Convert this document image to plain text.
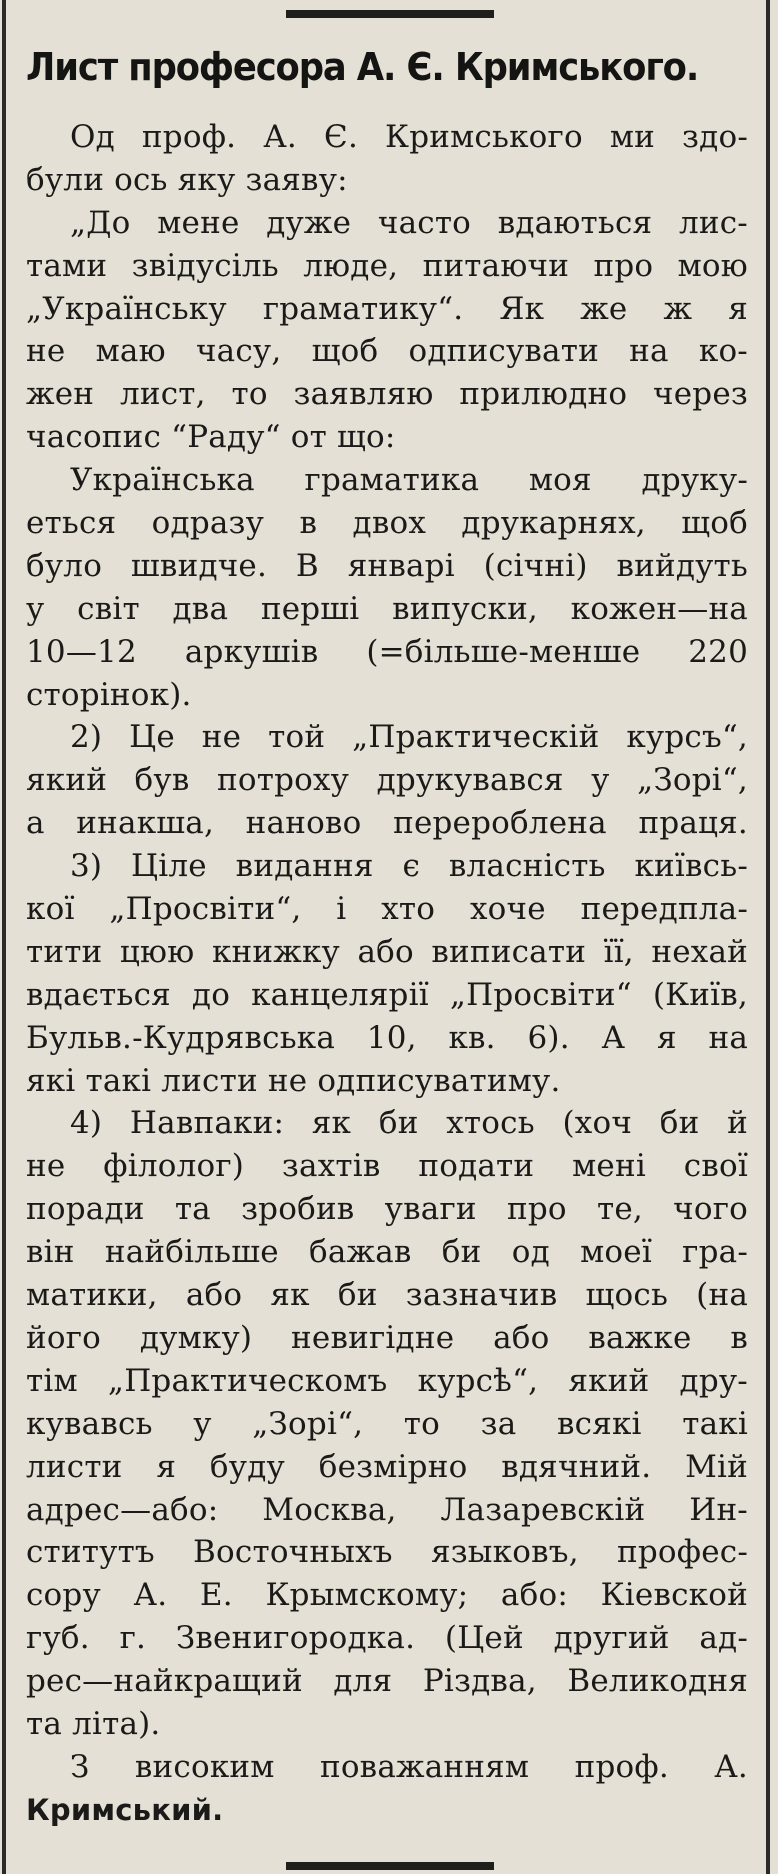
Лист професора А. Є. Кримського.
Од проф. А. Є. Кримського ми здо-
були ось яку заяву:
„До мене дуже часто вдаються лис-
тами звідусіль люде, питаючи про мою
„Українську граматику“. Як же ж я
не маю часу, щоб одписувати на ко-
жен лист, то заявляю прилюдно через
часопис “Раду“ от що:
Українська граматика моя друку-
еться одразу в двох друкарнях, щоб
було швидче. В январі (січні) вийдуть
у світ два перші випуски, кожен—на
10—12 аркушів (=більше-менше 220
сторінок).
2) Це не той „Практическій курсъ“,
який був потроху друкувався у „Зорі“,
а инакша, наново перероблена праця.
3) Ціле видання є власність київсь-
кої „Просвіти“, і хто хоче передпла-
тити цюю книжку або виписати її, нехай
вдається до канцелярії „Просвіти“ (Київ,
Бульв.-Кудрявська 10, кв. 6). А я на
які такі листи не одписуватиму.
4) Навпаки: як би хтось (хоч би й
не філолог) захтів подати мені свої
поради та зробив уваги про те, чого
він найбільше бажав би од моеї гра-
матики, або як би зазначив щось (на
його думку) невигідне або важке в
тім „Практическомъ курсѣ“, який дру-
кувавсь у „Зорі“, то за всякі такі
листи я буду безмірно вдячний. Мій
адрес—або: Москва, Лазаревскій Ин-
ститутъ Восточныхъ языковъ, профес-
сору А. Е. Крымскому; або: Кіевской
губ. г. Звенигородка. (Цей другий ад-
рес—найкращий для Різдва, Великодня
та літа).
З високим поважанням проф. А.
Кримський.
